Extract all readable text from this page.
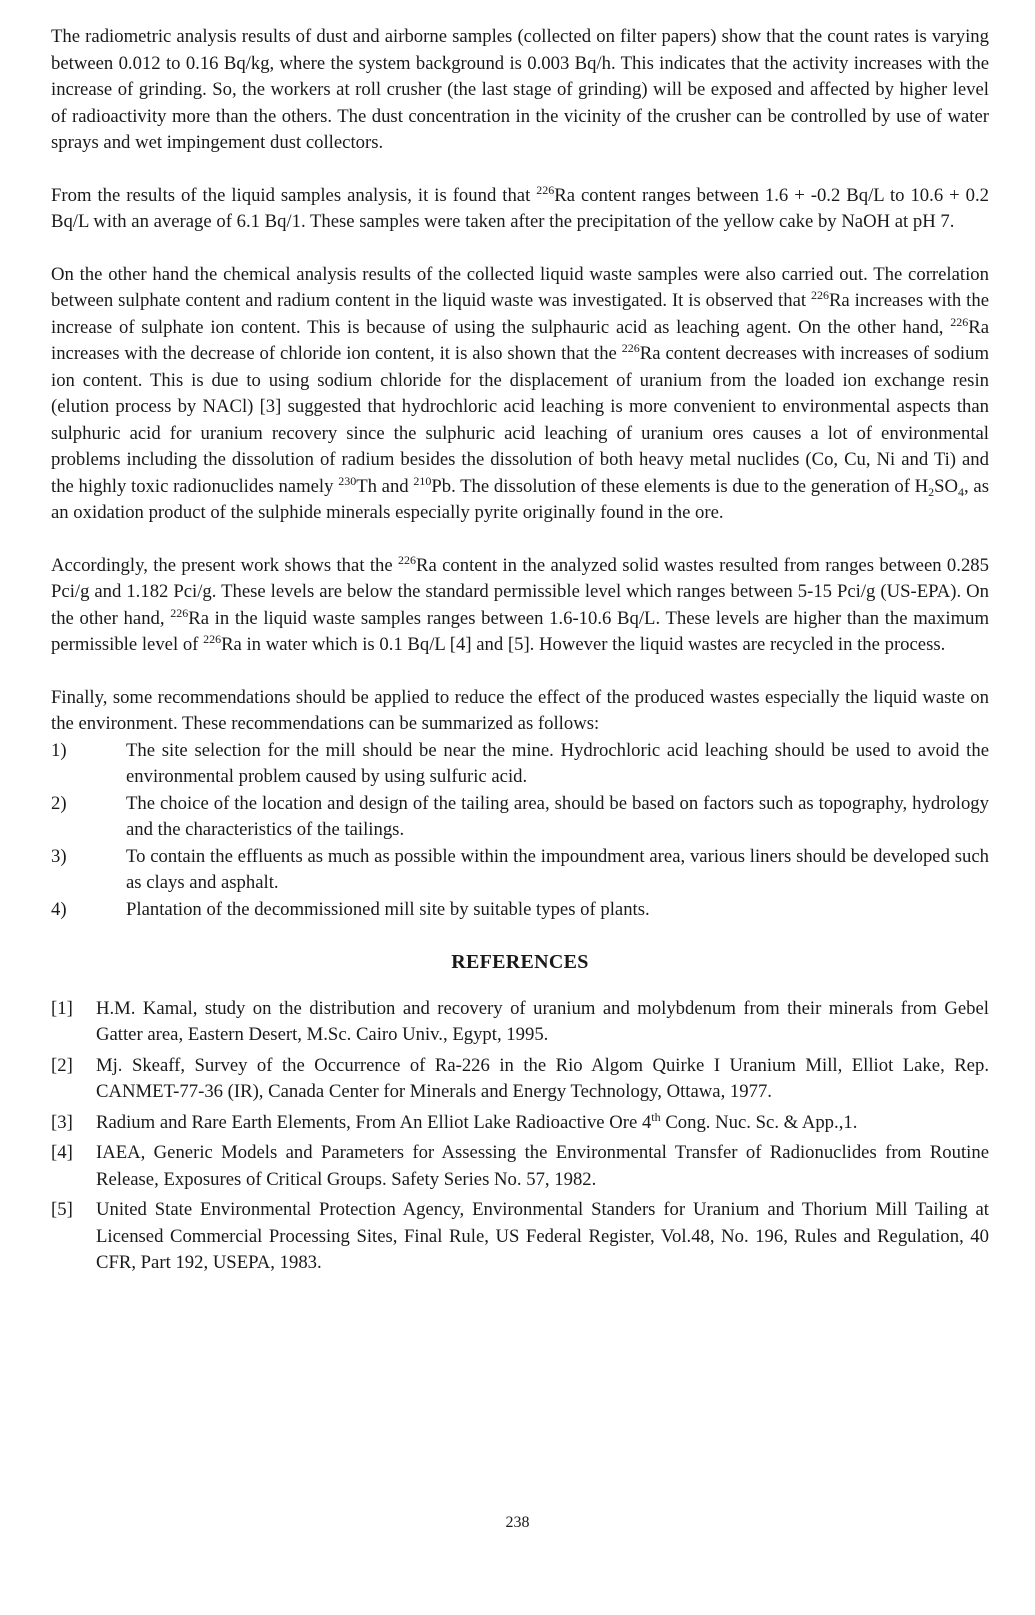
The radiometric analysis results of dust and airborne samples (collected on filter papers) show that the count rates is varying between 0.012 to 0.16 Bq/kg, where the system background is 0.003 Bq/h. This indicates that the activity increases with the increase of grinding. So, the workers at roll crusher (the last stage of grinding) will be exposed and affected by higher level of radioactivity more than the others. The dust concentration in the vicinity of the crusher can be controlled by use of water sprays and wet impingement dust collectors.

From the results of the liquid samples analysis, it is found that $^{226}$Ra content ranges between 1.6 + -0.2 Bq/L to 10.6 + 0.2 Bq/L with an average of 6.1 Bq/1. These samples were taken after the precipitation of the yellow cake by NaOH at pH 7.

On the other hand the chemical analysis results of the collected liquid waste samples were also carried out. The correlation between sulphate content and radium content in the liquid waste was investigated. It is observed that $^{226}$Ra increases with the increase of sulphate ion content. This is because of using the sulphauric acid as leaching agent. On the other hand, $^{226}$Ra increases with the decrease of chloride ion content, it is also shown that the $^{226}$Ra content decreases with increases of sodium ion content. This is due to using sodium chloride for the displacement of uranium from the loaded ion exchange resin (elution process by NACl) [3] suggested that hydrochloric acid leaching is more convenient to environmental aspects than sulphuric acid for uranium recovery since the sulphuric acid leaching of uranium ores causes a lot of environmental problems including the dissolution of radium besides the dissolution of both heavy metal nuclides (Co, Cu, Ni and Ti) and the highly toxic radionuclides namely $^{230}$Th and $^{210}$Pb. The dissolution of these elements is due to the generation of $H_2SO_4$, as an oxidation product of the sulphide minerals especially pyrite originally found in the ore.

Accordingly, the present work shows that the $^{226}$Ra content in the analyzed solid wastes resulted from ranges between 0.285 Pci/g and 1.182 Pci/g. These levels are below the standard permissible level which ranges between 5-15 Pci/g (US-EPA). On the other hand, $^{226}$Ra in the liquid waste samples ranges between 1.6-10.6 Bq/L. These levels are higher than the maximum permissible level of $^{226}$Ra in water which is 0.1 Bq/L [4] and [5]. However the liquid wastes are recycled in the process.

Finally, some recommendations should be applied to reduce the effect of the produced wastes especially the liquid waste on the environment. These recommendations can be summarized as follows:

1)	The site selection for the mill should be near the mine. Hydrochloric acid leaching should be used to avoid the environmental problem caused by using sulfuric acid.
2)	The choice of the location and design of the tailing area, should be based on factors such as topography, hydrology and the characteristics of the tailings.
3)	To contain the effluents as much as possible within the impoundment area, various liners should be developed such as clays and asphalt.
4)	Plantation of the decommissioned mill site by suitable types of plants.
REFERENCES
[1] H.M. Kamal, study on the distribution and recovery of uranium and molybdenum from their minerals from Gebel Gatter area, Eastern Desert, M.Sc. Cairo Univ., Egypt, 1995.
[2] Mj. Skeaff, Survey of the Occurrence of Ra-226 in the Rio Algom Quirke I Uranium Mill, Elliot Lake, Rep. CANMET-77-36 (IR), Canada Center for Minerals and Energy Technology, Ottawa, 1977.
[3] Radium and Rare Earth Elements, From An Elliot Lake Radioactive Ore 4th Cong. Nuc. Sc. & App.,1.
[4] IAEA, Generic Models and Parameters for Assessing the Environmental Transfer of Radionuclides from Routine Release, Exposures of Critical Groups. Safety Series No. 57, 1982.
[5] United State Environmental Protection Agency, Environmental Standers for Uranium and Thorium Mill Tailing at Licensed Commercial Processing Sites, Final Rule, US Federal Register, Vol.48, No. 196, Rules and Regulation, 40 CFR, Part 192, USEPA, 1983.
238
